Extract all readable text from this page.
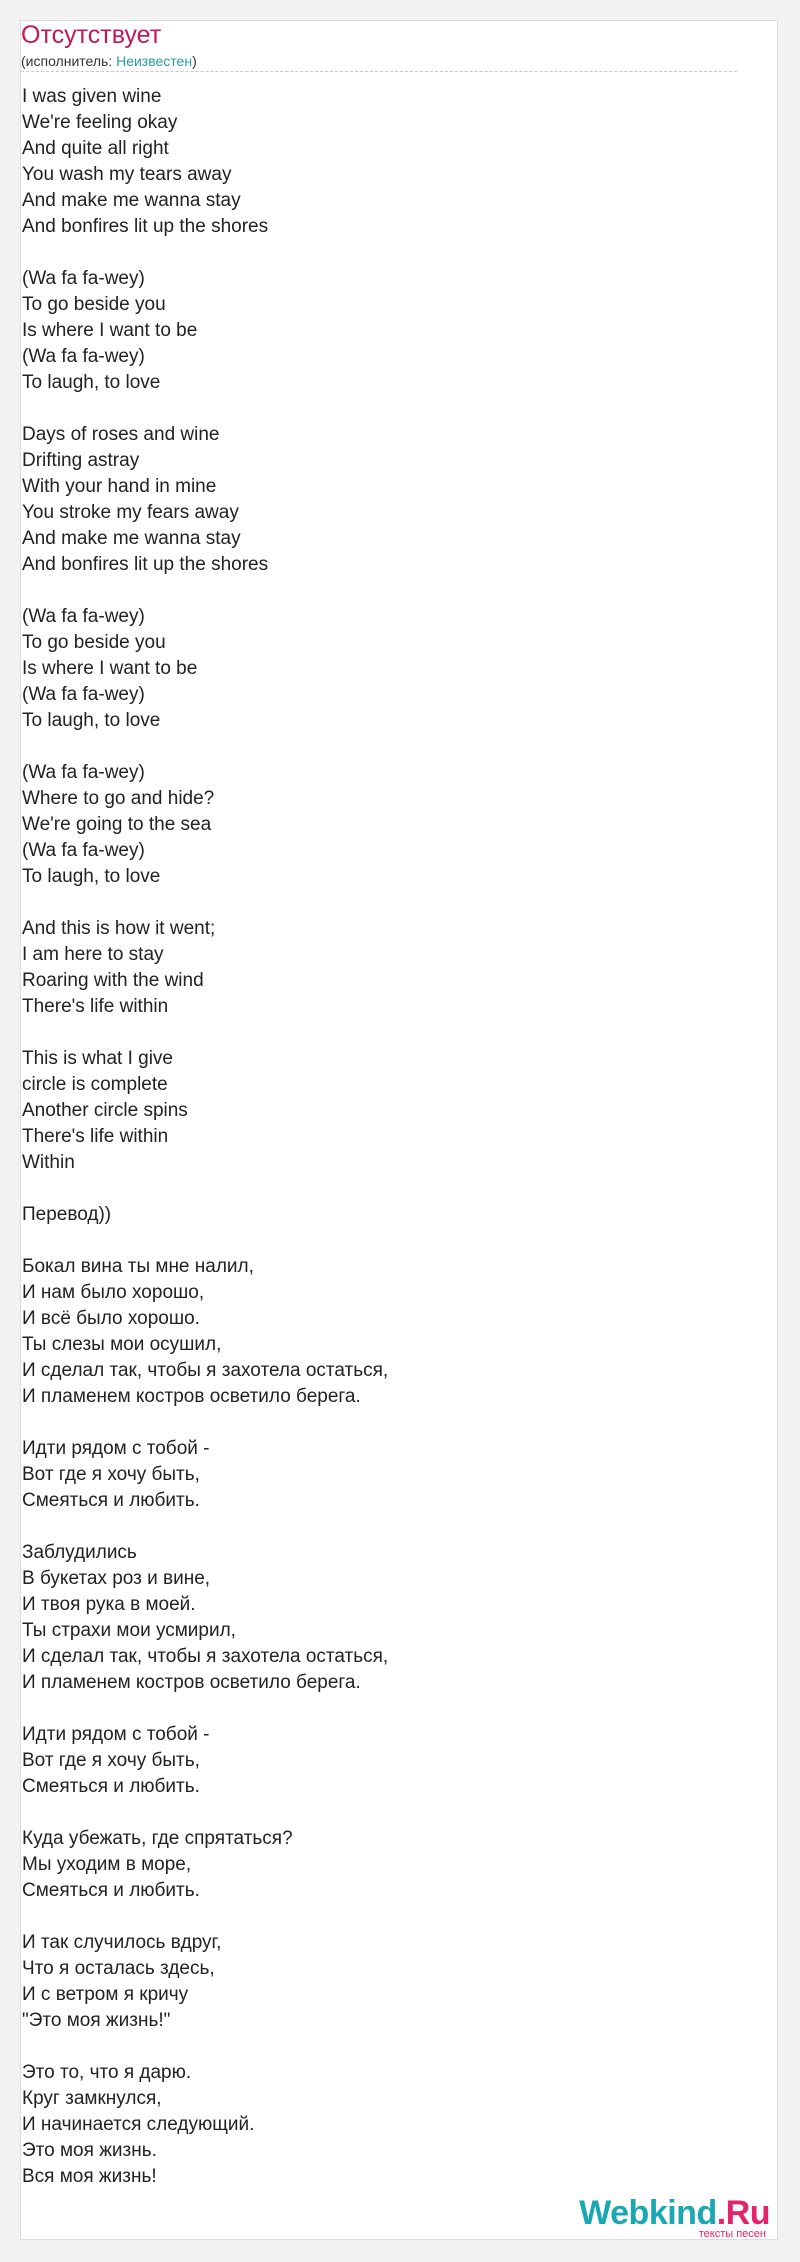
Отсутствует
(исполнитель: Неизвестен)
I was given wine
We're feeling okay
And quite all right
You wash my tears away
And make me wanna stay
And bonfires lit up the shores
(Wa fa fa-wey)
To go beside you
Is where I want to be
(Wa fa fa-wey)
To laugh, to love
Days of roses and wine
Drifting astray
With your hand in mine
You stroke my fears away
And make me wanna stay
And bonfires lit up the shores
(Wa fa fa-wey)
To go beside you
Is where I want to be
(Wa fa fa-wey)
To laugh, to love
(Wa fa fa-wey)
Where to go and hide?
We're going to the sea
(Wa fa fa-wey)
To laugh, to love
And this is how it went;
I am here to stay
Roaring with the wind
There's life within
This is what I give
circle is complete
Another circle spins
There's life within
Within
Перевод))
Бокал вина ты мне налил,
И нам было хорошо,
И всё было хорошо.
Ты слезы мои осушил,
И сделал так, чтобы я захотела остаться,
И пламенем костров осветило берега.
Идти рядом с тобой -
Вот где я хочу быть,
Смеяться и любить.
Заблудились
В букетах роз и вине,
И твоя рука в моей.
Ты страхи мои усмирил,
И сделал так, чтобы я захотела остаться,
И пламенем костров осветило берега.
Идти рядом с тобой -
Вот где я хочу быть,
Смеяться и любить.
Куда убежать, где спрятаться?
Мы уходим в море,
Смеяться и любить.
И так случилось вдруг,
Что я осталась здесь,
И с ветром я кричу
"Это моя жизнь!"
Это то, что я дарю.
Круг замкнулся,
И начинается следующий.
Это моя жизнь.
Вся моя жизнь!
Webkind.Ru
тексты песен
